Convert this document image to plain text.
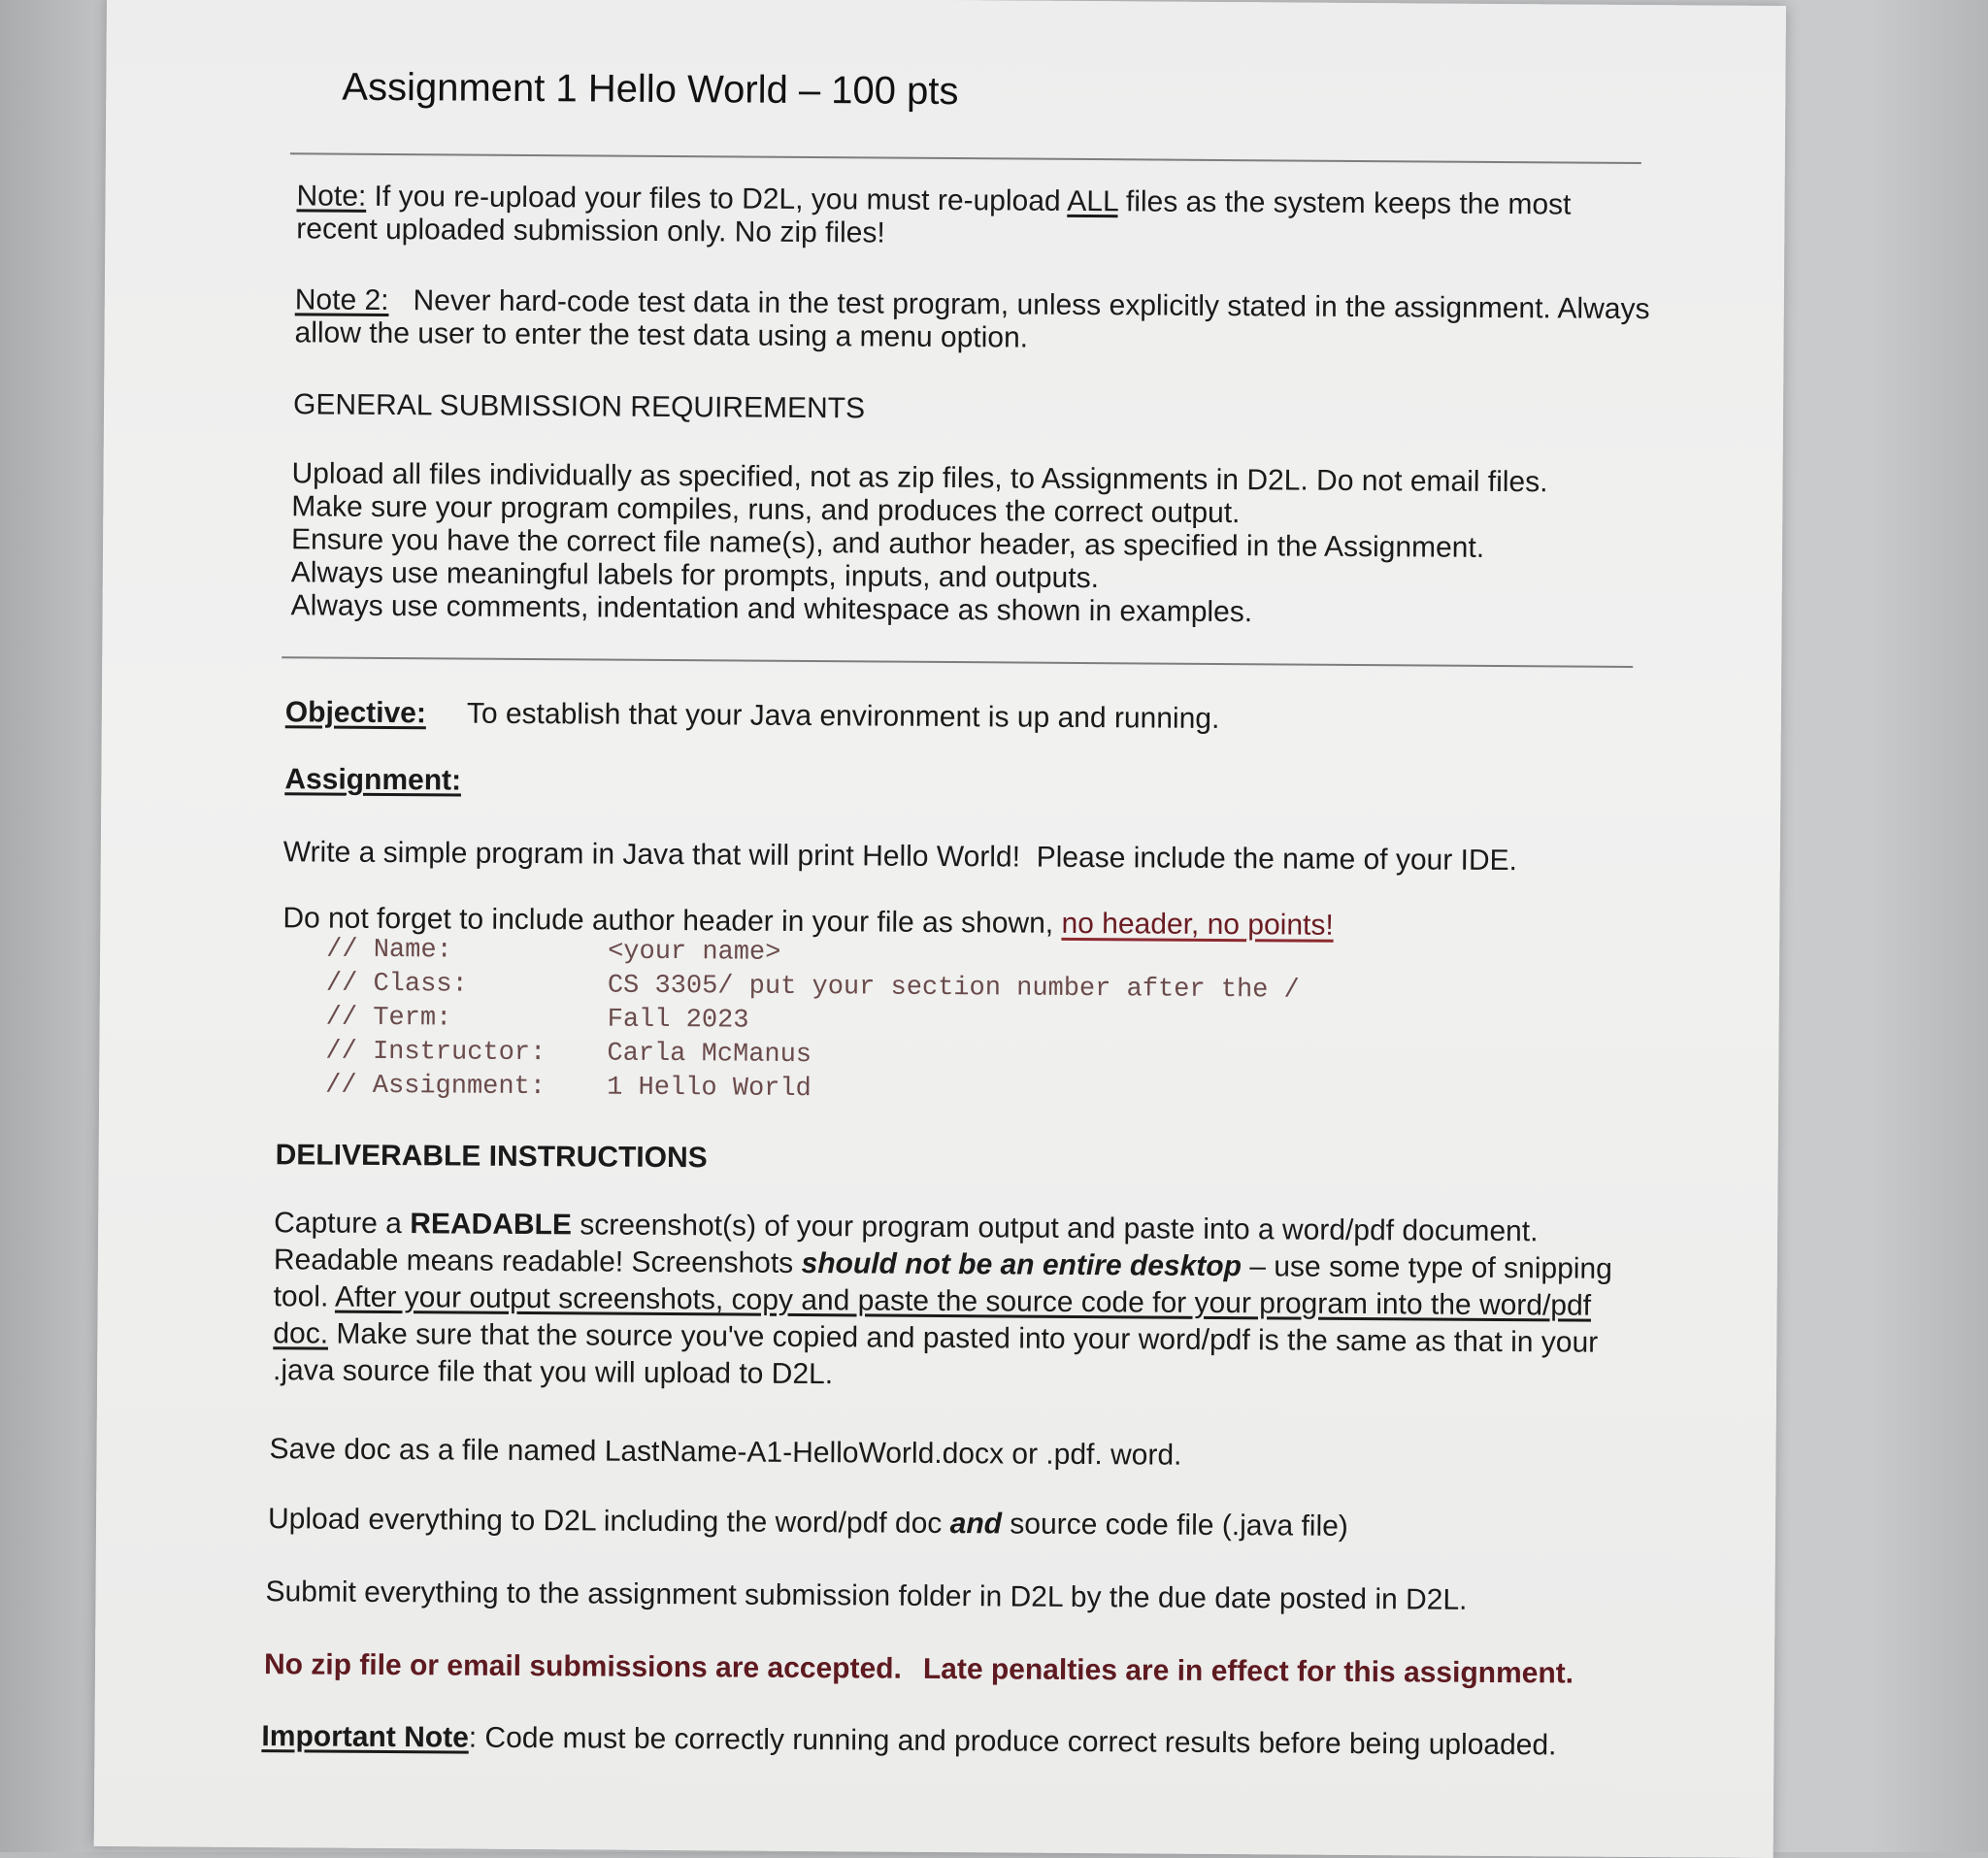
Assignment 1 Hello World – 100 pts
Note: If you re-upload your files to D2L, you must re-upload ALL files as the system keeps the most recent uploaded submission only. No zip files!
Note 2:   Never hard-code test data in the test program, unless explicitly stated in the assignment. Always allow the user to enter the test data using a menu option.
GENERAL SUBMISSION REQUIREMENTS
Upload all files individually as specified, not as zip files, to Assignments in D2L. Do not email files.
Make sure your program compiles, runs, and produces the correct output.
Ensure you have the correct file name(s), and author header, as specified in the Assignment.
Always use meaningful labels for prompts, inputs, and outputs.
Always use comments, indentation and whitespace as shown in examples.
Objective: To establish that your Java environment is up and running.
Assignment:
Write a simple program in Java that will print Hello World!  Please include the name of your IDE.
Do not forget to include author header in your file as shown, no header, no points!
// Name:	<your name>
// Class:	CS 3305/ put your section number after the /
// Term:	Fall 2023
// Instructor:	Carla McManus
// Assignment:	1 Hello World
DELIVERABLE INSTRUCTIONS
Capture a READABLE screenshot(s) of your program output and paste into a word/pdf document. Readable means readable! Screenshots should not be an entire desktop – use some type of snipping tool. After your output screenshots, copy and paste the source code for your program into the word/pdf doc. Make sure that the source you've copied and pasted into your word/pdf is the same as that in your .java source file that you will upload to D2L.
Save doc as a file named LastName-A1-HelloWorld.docx or .pdf. word.
Upload everything to D2L including the word/pdf doc and source code file (.java file)
Submit everything to the assignment submission folder in D2L by the due date posted in D2L.
No zip file or email submissions are accepted. Late penalties are in effect for this assignment.
Important Note: Code must be correctly running and produce correct results before being uploaded.
